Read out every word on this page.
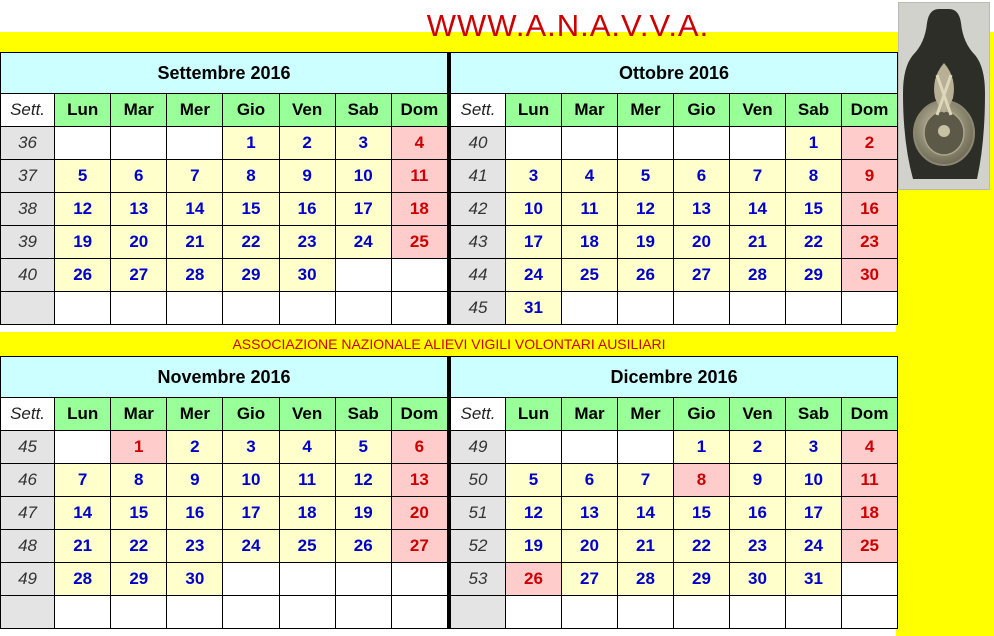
WWW.A.N.A.V.V.A.
ASSOCIAZIONE NAZIONALE ALIEVI VIGILI VOLONTARI AUSILIARI
Settembre 2016							
Sett.	Lun	Mar	Mer	Gio	Ven	Sab	Dom
36				1	2	3	4
37	5	6	7	8	9	10	11
38	12	13	14	15	16	17	18
39	19	20	21	22	23	24	25
40	26	27	28	29	30		

Ottobre 2016							
Sett.	Lun	Mar	Mer	Gio	Ven	Sab	Dom
40						1	2
41	3	4	5	6	7	8	9
42	10	11	12	13	14	15	16
43	17	18	19	20	21	22	23
44	24	25	26	27	28	29	30
45	31						
Novembre 2016							
Sett.	Lun	Mar	Mer	Gio	Ven	Sab	Dom
45		1	2	3	4	5	6
46	7	8	9	10	11	12	13
47	14	15	16	17	18	19	20
48	21	22	23	24	25	26	27
49	28	29	30				

Dicembre 2016							
Sett.	Lun	Mar	Mer	Gio	Ven	Sab	Dom
49				1	2	3	4
50	5	6	7	8	9	10	11
51	12	13	14	15	16	17	18
52	19	20	21	22	23	24	25
53	26	27	28	29	30	31	
